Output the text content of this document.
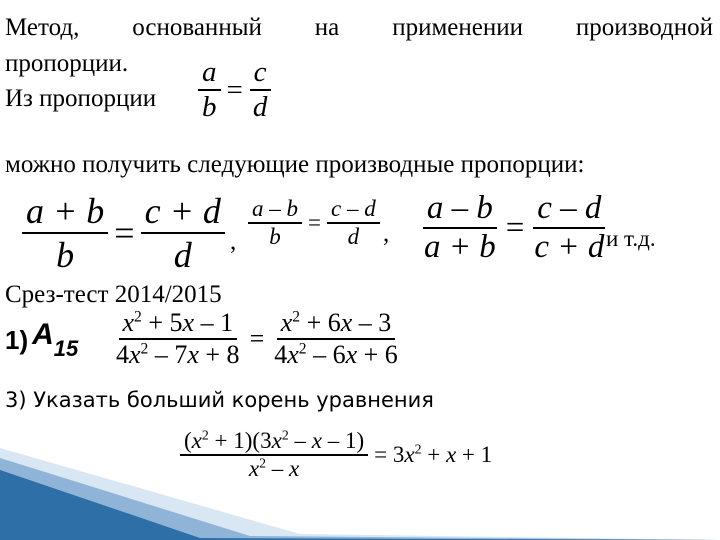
Метод, основанный на применении производной
пропорции.
Из пропорции $\frac{a}{b} = \frac{c}{d}$
можно получить следующие производные пропорции:
$\frac{a + b}{b} = \frac{c + d}{d}$ , $\frac{a - b}{b} = \frac{c - d}{d}$ , $\frac{a - b}{a + b} = \frac{c - d}{c + d}$
и т.д.
Срез-тест 2014/2015
1) $A_{15} \frac{x^2 + 5x - 1}{4x^2 - 7x + 8} = \frac{x^2 + 6x - 3}{4x^2 - 6x + 6}$
3) Указать больший корень уравнения
$\frac{(x^2 + 1)(3x^2 - x - 1)}{x^2 - x} = 3x^2 + x + 1$
